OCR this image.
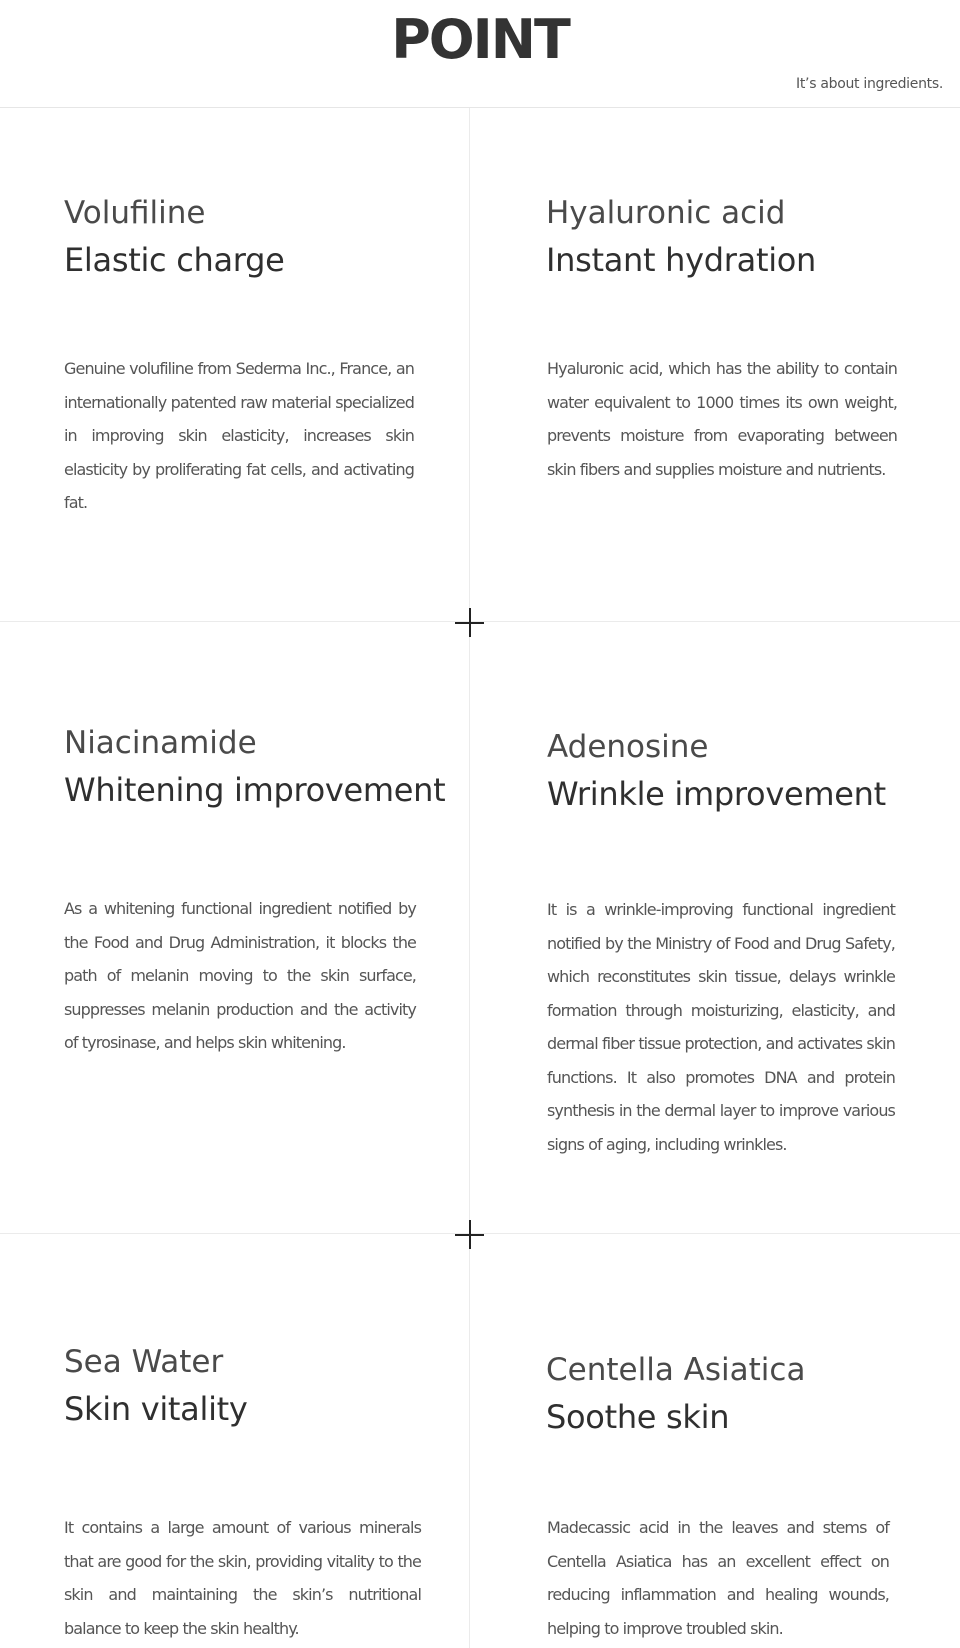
POINT
It’s about ingredients.
Volufiline
Elastic charge

Genuine volufiline from Sederma Inc., France, an internationally patented raw material specialized in improving skin elasticity, increases skin elasticity by proliferating fat cells, and activating fat.

Hyaluronic acid
Instant hydration

Hyaluronic acid, which has the ability to contain water equivalent to 1000 times its own weight, prevents moisture from evaporating between skin fibers and supplies moisture and nutrients.

Niacinamide
Whitening improvement

As a whitening functional ingredient notified by the Food and Drug Administration, it blocks the path of melanin moving to the skin surface, suppresses melanin production and the activity of tyrosinase, and helps skin whitening.

Adenosine
Wrinkle improvement

It is a wrinkle-improving functional ingredient notified by the Ministry of Food and Drug Safety, which reconstitutes skin tissue, delays wrinkle formation through moisturizing, elasticity, and dermal fiber tissue protection, and activates skin functions. It also promotes DNA and protein synthesis in the dermal layer to improve various signs of aging, including wrinkles.

Sea Water
Skin vitality

It contains a large amount of various minerals that are good for the skin, providing vitality to the skin and maintaining the skin’s nutritional balance to keep the skin healthy.

Centella Asiatica
Soothe skin

Madecassic acid in the leaves and stems of Centella Asiatica has an excellent effect on reducing inflammation and healing wounds, helping to improve troubled skin.
